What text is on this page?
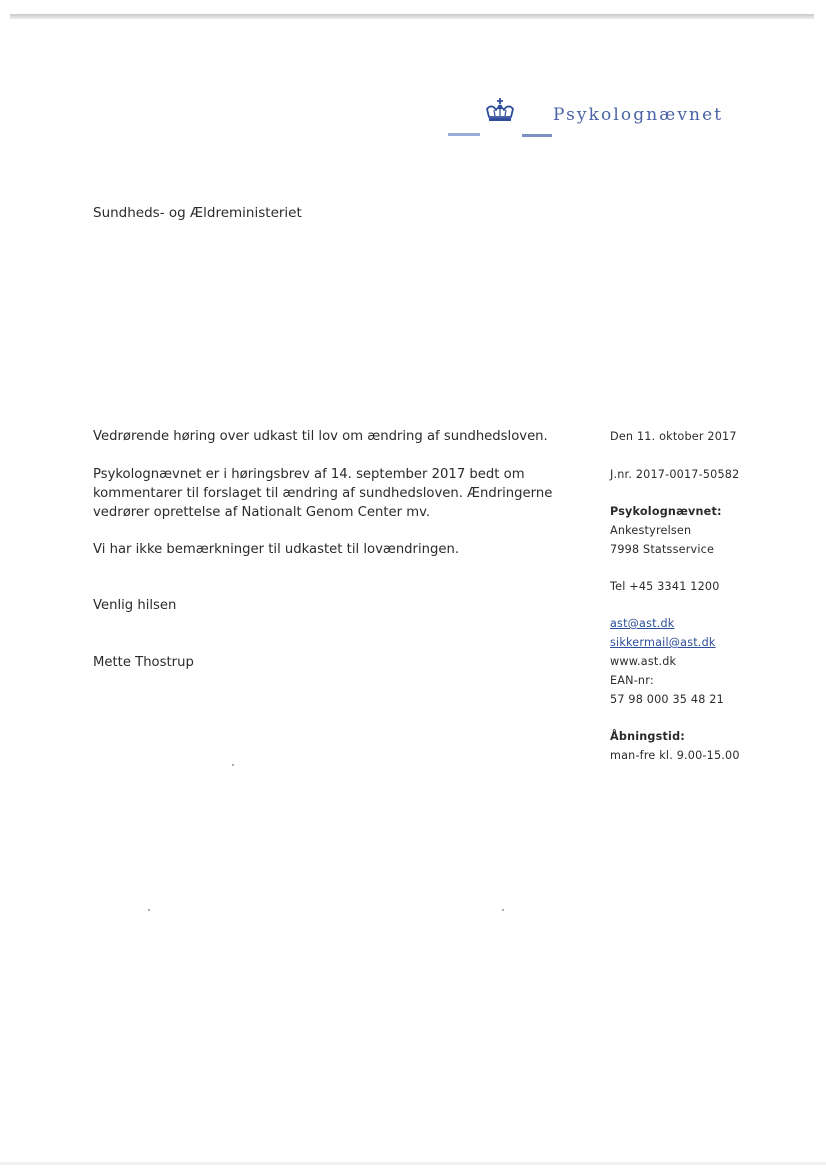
Psykolognævnet
Sundheds- og Ældreministeriet
Vedrørende høring over udkast til lov om ændring af sundhedsloven.
Psykolognævnet er i høringsbrev af 14. september 2017 bedt om
kommentarer til forslaget til ændring af sundhedsloven. Ændringerne
vedrører oprettelse af Nationalt Genom Center mv.
Vi har ikke bemærkninger til udkastet til lovændringen.
Venlig hilsen
Mette Thostrup
Den 11. oktober 2017
J.nr. 2017-0017-50582
Psykolognævnet:
Ankestyrelsen
7998 Statsservice
Tel +45 3341 1200
ast@ast.dk
sikkermail@ast.dk
www.ast.dk
EAN-nr:
57 98 000 35 48 21
Åbningstid:
man-fre kl. 9.00-15.00
